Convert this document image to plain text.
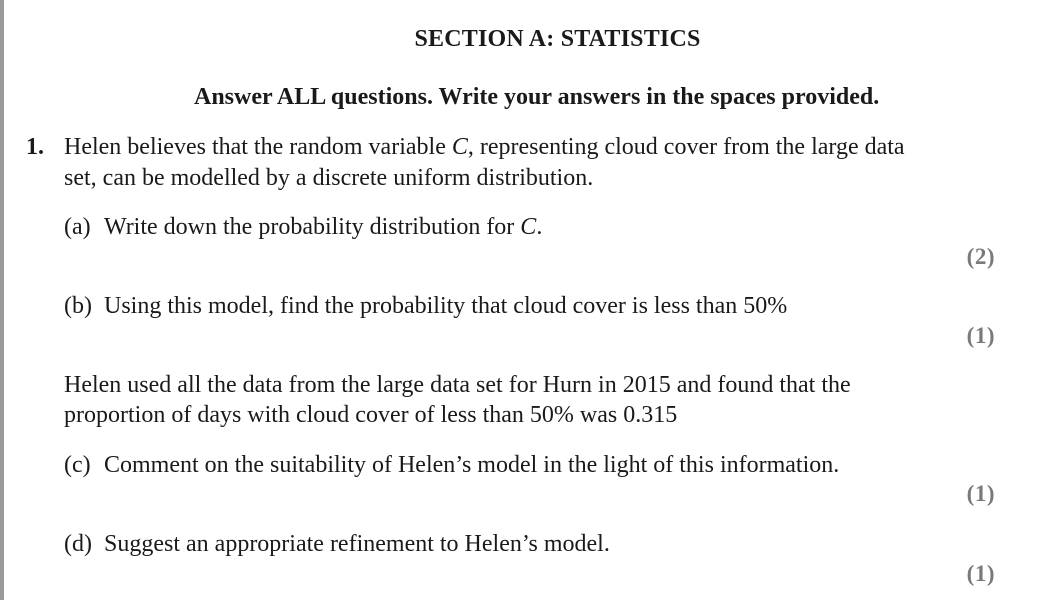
SECTION A: STATISTICS
Answer ALL questions. Write your answers in the spaces provided.
1. Helen believes that the random variable C, representing cloud cover from the large data
set, can be modelled by a discrete uniform distribution.
(a) Write down the probability distribution for C.
(2)
(b) Using this model, find the probability that cloud cover is less than 50%
(1)
Helen used all the data from the large data set for Hurn in 2015 and found that the
proportion of days with cloud cover of less than 50% was 0.315
(c) Comment on the suitability of Helen’s model in the light of this information.
(1)
(d) Suggest an appropriate refinement to Helen’s model.
(1)
